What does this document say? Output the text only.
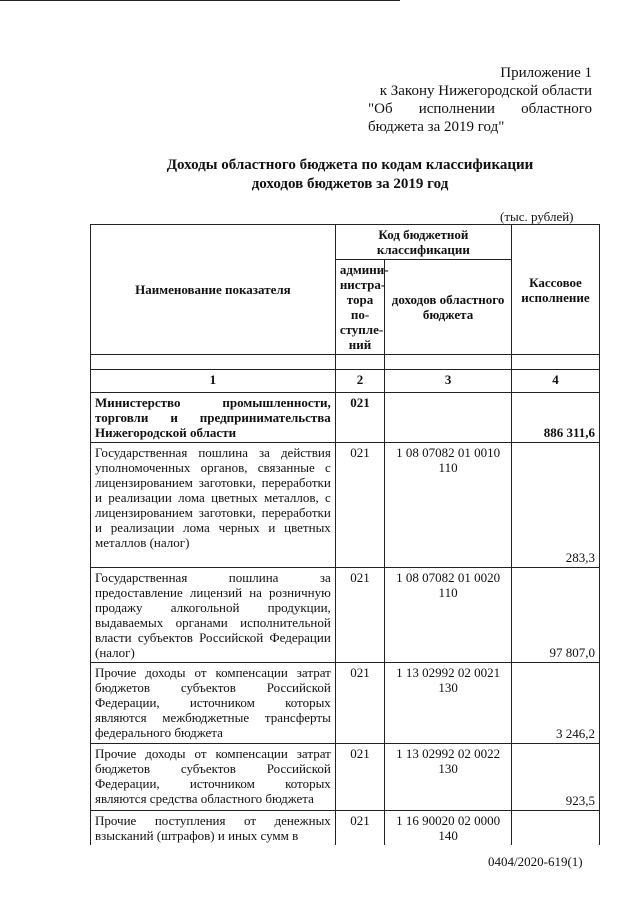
Приложение 1
к Закону Нижегородской области
"Об исполнении областного
бюджета за 2019 год"
Доходы областного бюджета по кодам классификации
доходов бюджетов за 2019 год
(тыс. рублей)
Наименование показателя	Код бюджетной классификации		Кассовое исполнение
	админи-нистра-тора по-ступле-ний	доходов областного бюджета	

1	2	3	4
Министерство промышленности, торговли и предпринимательства Нижегородской области	021		886 311,6
Государственная пошлина за действия уполномоченных органов, связанные с лицензированием заготовки, переработки и реализации лома цветных металлов, с лицензированием заготовки, переработки и реализации лома черных и цветных металлов (налог)	021	1 08 07082 01 0010 110	283,3
Государственная пошлина за предоставление лицензий на розничную продажу алкогольной продукции, выдаваемых органами исполнительной власти субъектов Российской Федерации (налог)	021	1 08 07082 01 0020 110	97 807,0
Прочие доходы от компенсации затрат бюджетов субъектов Российской Федерации, источником которых являются межбюджетные трансферты федерального бюджета	021	1 13 02992 02 0021 130	3 246,2
Прочие доходы от компенсации затрат бюджетов субъектов Российской Федерации, источником которых являются средства областного бюджета	021	1 13 02992 02 0022 130	923,5
Прочие поступления от денежных взысканий (штрафов) и иных сумм в	021	1 16 90020 02 0000 140	
0404/2020-619(1)
